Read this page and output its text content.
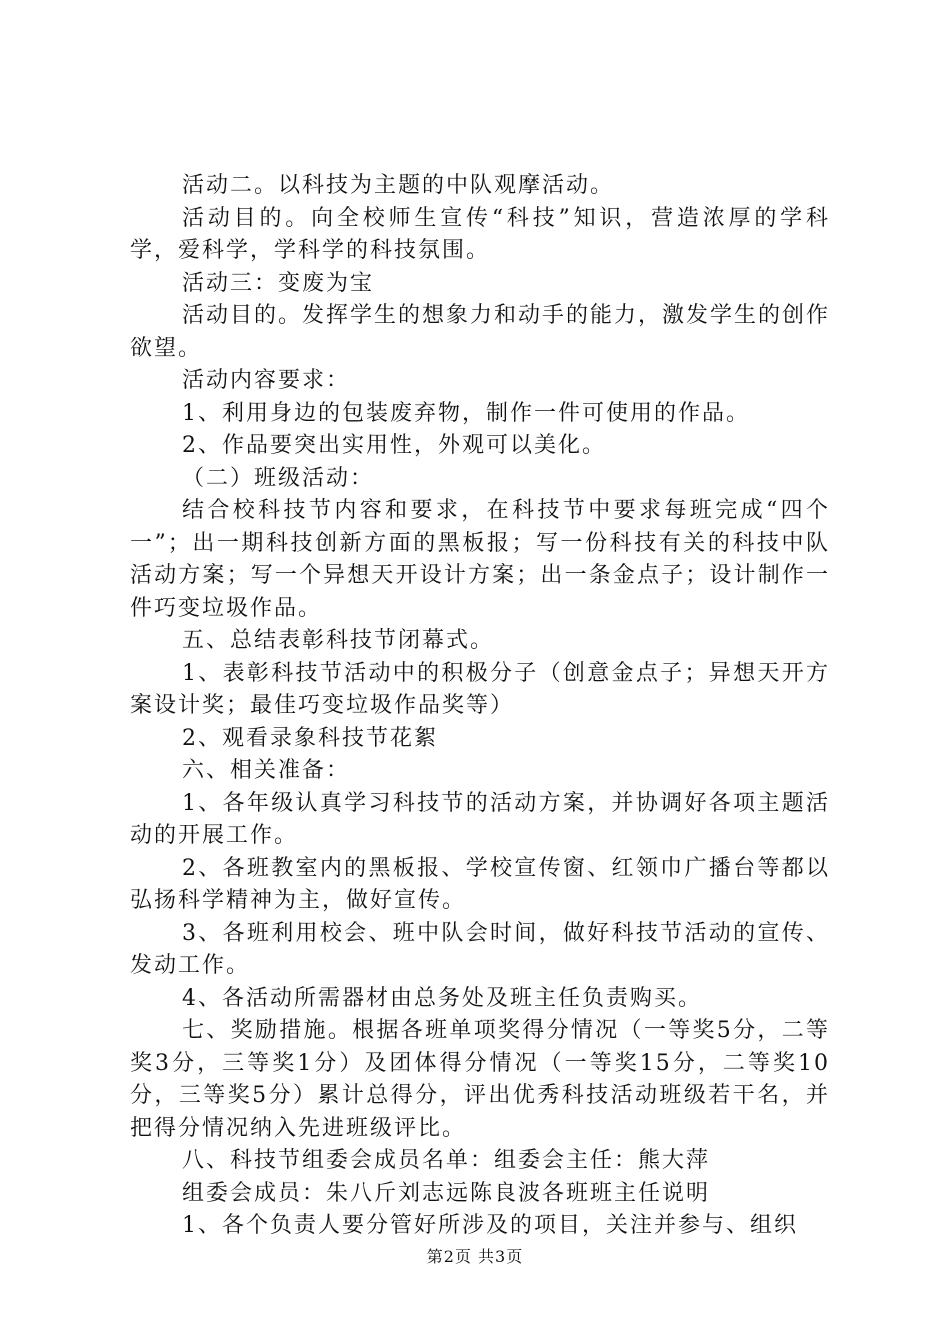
活动二。以科技为主题的中队观摩活动。

活动目的。向全校师生宣传“科技”知识，营造浓厚的学科学，爱科学，学科学的科技氛围。

活动三：变废为宝

活动目的。发挥学生的想象力和动手的能力，激发学生的创作欲望。

活动内容要求：

1、利用身边的包装废弃物，制作一件可使用的作品。

2、作品要突出实用性，外观可以美化。

（二）班级活动：

结合校科技节内容和要求，在科技节中要求每班完成“四个一”；出一期科技创新方面的黑板报；写一份科技有关的科技中队活动方案；写一个异想天开设计方案；出一条金点子；设计制作一件巧变垃圾作品。

五、总结表彰科技节闭幕式。

1、表彰科技节活动中的积极分子（创意金点子；异想天开方案设计奖；最佳巧变垃圾作品奖等）

2、观看录象科技节花絮

六、相关准备：

1、各年级认真学习科技节的活动方案，并协调好各项主题活动的开展工作。

2、各班教室内的黑板报、学校宣传窗、红领巾广播台等都以弘扬科学精神为主，做好宣传。

3、各班利用校会、班中队会时间，做好科技节活动的宣传、发动工作。

4、各活动所需器材由总务处及班主任负责购买。

七、奖励措施。根据各班单项奖得分情况（一等奖5分，二等奖3分，三等奖1分）及团体得分情况（一等奖15分，二等奖10分，三等奖5分）累计总得分，评出优秀科技活动班级若干名，并把得分情况纳入先进班级评比。

八、科技节组委会成员名单：组委会主任：熊大萍

组委会成员：朱八斤刘志远陈良波各班班主任说明

1、各个负责人要分管好所涉及的项目，关注并参与、组织

第2页 共3页
